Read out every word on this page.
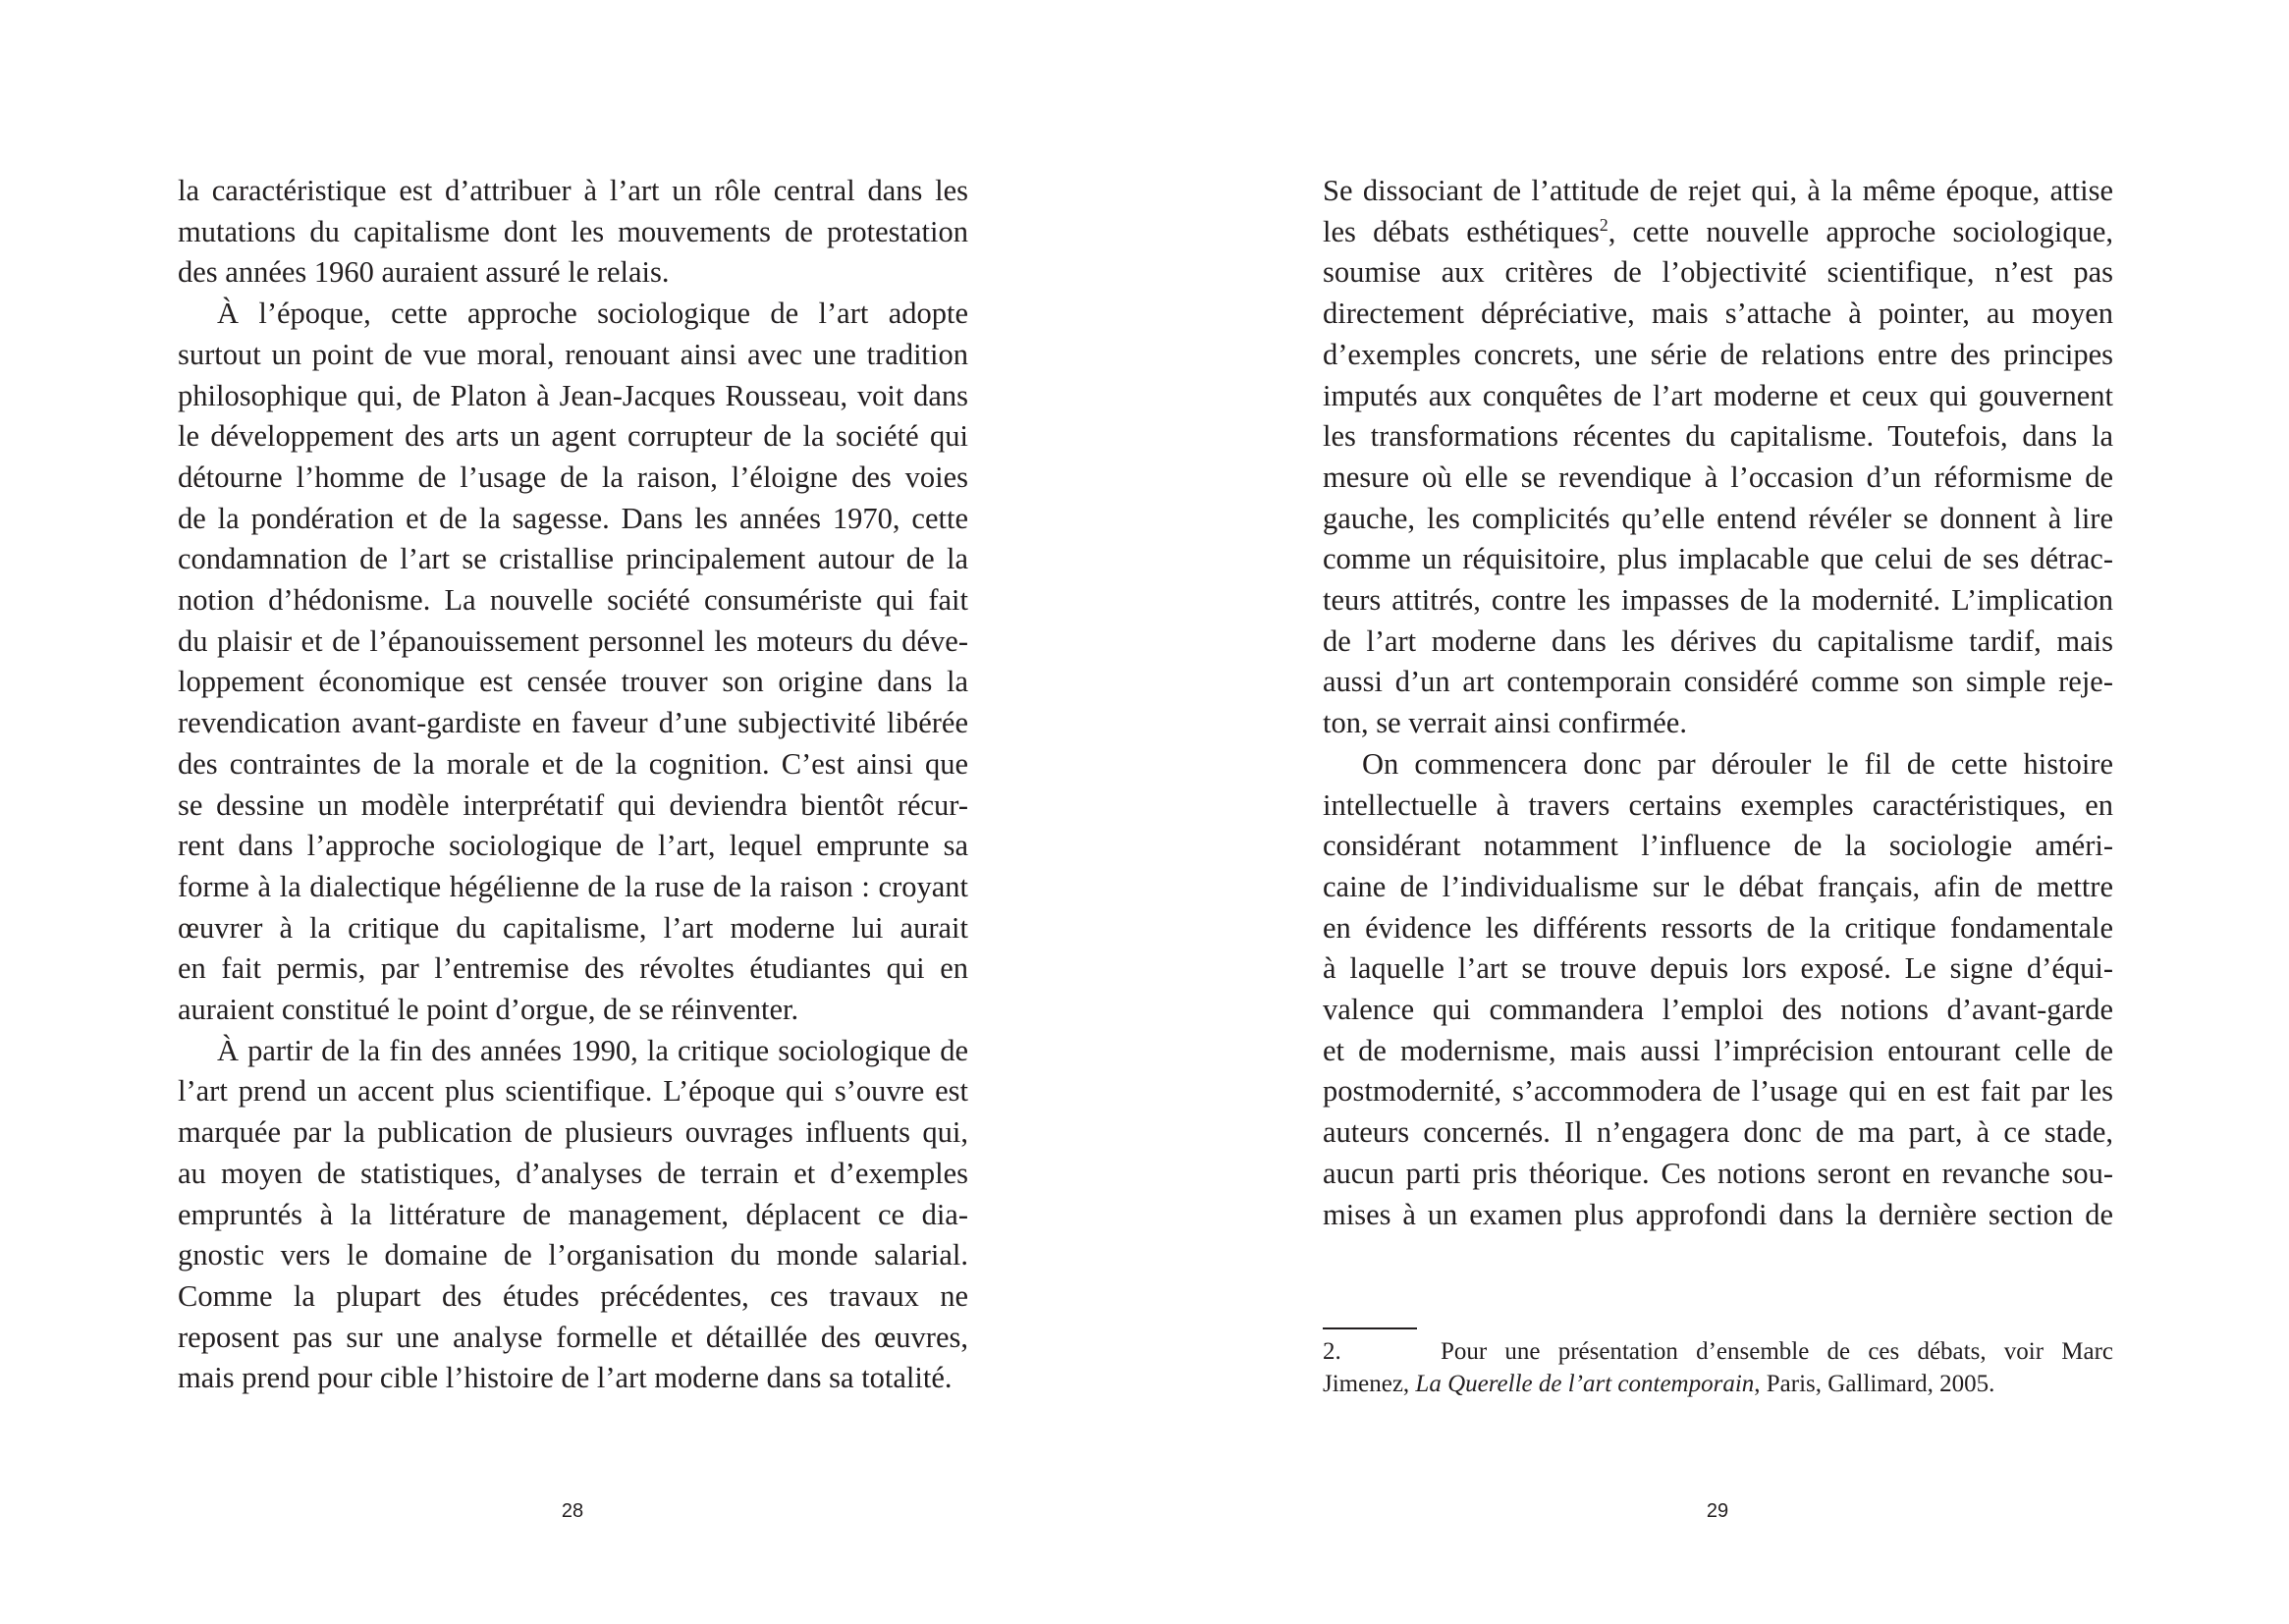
la caractéristique est d’attribuer à l’art un rôle central dans les
mutations du capitalisme dont les mouvements de protestation
des années 1960 auraient assuré le relais.
À l’époque, cette approche sociologique de l’art adopte
surtout un point de vue moral, renouant ainsi avec une tradition
philosophique qui, de Platon à Jean-Jacques Rousseau, voit dans
le développement des arts un agent corrupteur de la société qui
détourne l’homme de l’usage de la raison, l’éloigne des voies
de la pondération et de la sagesse. Dans les années 1970, cette
condamnation de l’art se cristallise principalement autour de la
notion d’hédonisme. La nouvelle société consumériste qui fait
du plaisir et de l’épanouissement personnel les moteurs du déve-
loppement économique est censée trouver son origine dans la
revendication avant-gardiste en faveur d’une subjectivité libérée
des contraintes de la morale et de la cognition. C’est ainsi que
se dessine un modèle interprétatif qui deviendra bientôt récur-
rent dans l’approche sociologique de l’art, lequel emprunte sa
forme à la dialectique hégélienne de la ruse de la raison : croyant
œuvrer à la critique du capitalisme, l’art moderne lui aurait
en fait permis, par l’entremise des révoltes étudiantes qui en
auraient constitué le point d’orgue, de se réinventer.
À partir de la fin des années 1990, la critique sociologique de
l’art prend un accent plus scientifique. L’époque qui s’ouvre est
marquée par la publication de plusieurs ouvrages influents qui,
au moyen de statistiques, d’analyses de terrain et d’exemples
empruntés à la littérature de management, déplacent ce dia-
gnostic vers le domaine de l’organisation du monde salarial.
Comme la plupart des études précédentes, ces travaux ne
reposent pas sur une analyse formelle et détaillée des œuvres,
mais prend pour cible l’histoire de l’art moderne dans sa totalité.
28
Se dissociant de l’attitude de rejet qui, à la même époque, attise
les débats esthétiques$^2$, cette nouvelle approche sociologique,
soumise aux critères de l’objectivité scientifique, n’est pas
directement dépréciative, mais s’attache à pointer, au moyen
d’exemples concrets, une série de relations entre des principes
imputés aux conquêtes de l’art moderne et ceux qui gouvernent
les transformations récentes du capitalisme. Toutefois, dans la
mesure où elle se revendique à l’occasion d’un réformisme de
gauche, les complicités qu’elle entend révéler se donnent à lire
comme un réquisitoire, plus implacable que celui de ses détrac-
teurs attitrés, contre les impasses de la modernité. L’implication
de l’art moderne dans les dérives du capitalisme tardif, mais
aussi d’un art contemporain considéré comme son simple reje-
ton, se verrait ainsi confirmée.
On commencera donc par dérouler le fil de cette histoire
intellectuelle à travers certains exemples caractéristiques, en
considérant notamment l’influence de la sociologie améri-
caine de l’individualisme sur le débat français, afin de mettre
en évidence les différents ressorts de la critique fondamentale
à laquelle l’art se trouve depuis lors exposé. Le signe d’équi-
valence qui commandera l’emploi des notions d’avant-garde
et de modernisme, mais aussi l’imprécision entourant celle de
postmodernité, s’accommodera de l’usage qui en est fait par les
auteurs concernés. Il n’engagera donc de ma part, à ce stade,
aucun parti pris théorique. Ces notions seront en revanche sou-
mises à un examen plus approfondi dans la dernière section de
2.	Pour une présentation d’ensemble de ces débats, voir Marc
Jimenez, La Querelle de l’art contemporain, Paris, Gallimard, 2005.
29
